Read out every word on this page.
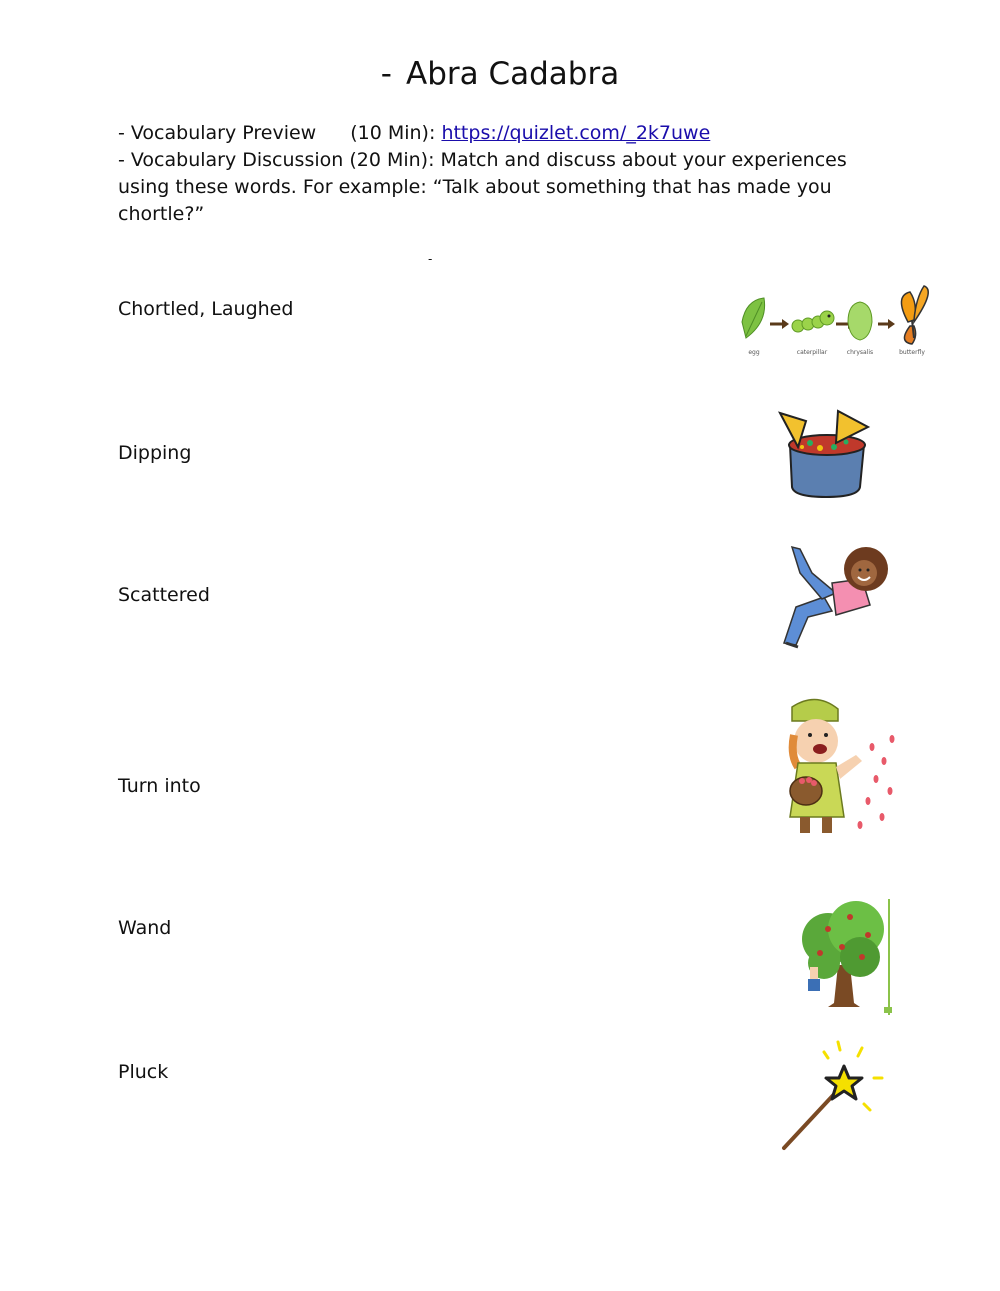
- Abra Cadabra
- Vocabulary Preview (10 Min): https://quizlet.com/_2k7uwe
- Vocabulary Discussion (20 Min): Match and discuss about your experiences using these words. For example: “Talk about something that has made you chortle?”
-
Chortled, Laughed
Dipping
Scattered
Turn into
Wand
Pluck
egg	caterpillar	chrysalis	butterfly
